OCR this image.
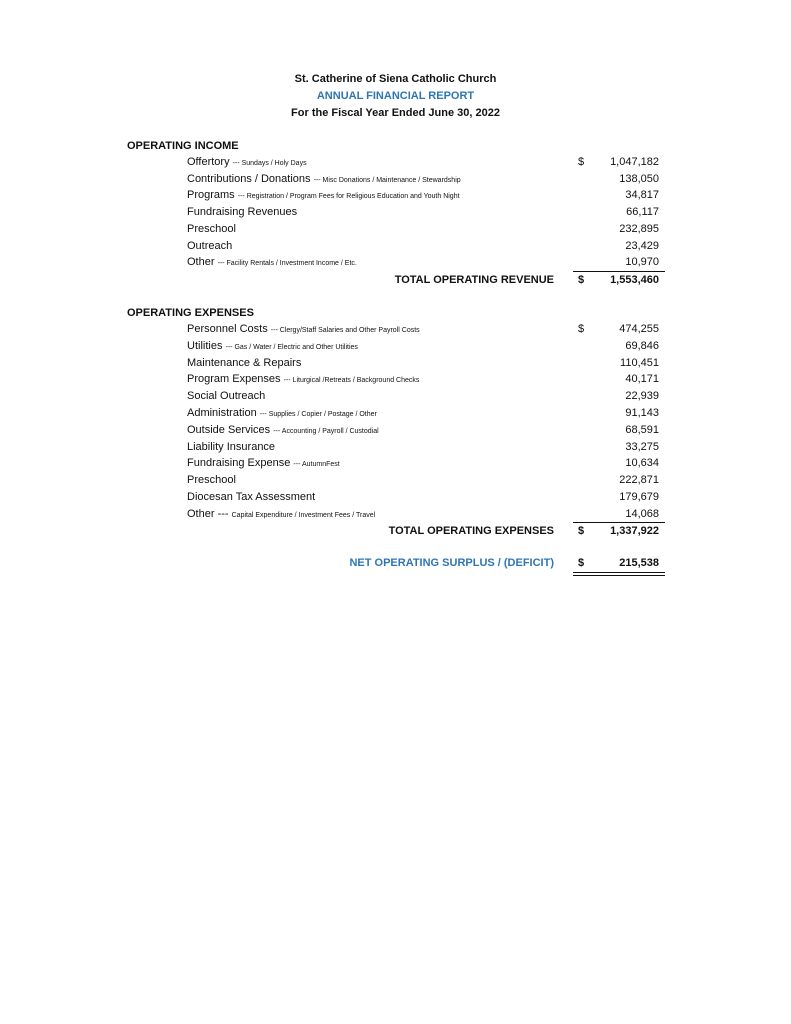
St. Catherine of Siena Catholic Church
ANNUAL FINANCIAL REPORT
For the Fiscal Year Ended June 30, 2022
OPERATING INCOME
Offertory --- Sundays / Holy Days	$ 1,047,182
Contributions / Donations --- Misc Donations / Maintenance / Stewardship	138,050
Programs --- Registration / Program Fees for Religious Education and Youth Night	34,817
Fundraising Revenues	66,117
Preschool	232,895
Outreach	23,429
Other --- Facility Rentals / Investment Income / Etc.	10,970
TOTAL OPERATING REVENUE $ 1,553,460
OPERATING EXPENSES
Personnel Costs --- Clergy/Staff Salaries and Other Payroll Costs	$	474,255
Utilities --- Gas / Water / Electric and Other Utilities	69,846
Maintenance & Repairs	110,451
Program Expenses --- Liturgical /Retreats / Background Checks	40,171
Social Outreach	22,939
Administration --- Supplies / Copier / Postage / Other	91,143
Outside Services --- Accounting / Payroll / Custodial	68,591
Liability Insurance	33,275
Fundraising Expense --- AutumnFest	10,634
Preschool	222,871
Diocesan Tax Assessment	179,679
Other --- Capital Expenditure / Investment Fees / Travel	14,068
TOTAL OPERATING EXPENSES $ 1,337,922
NET OPERATING SURPLUS / (DEFICIT) $	215,538
